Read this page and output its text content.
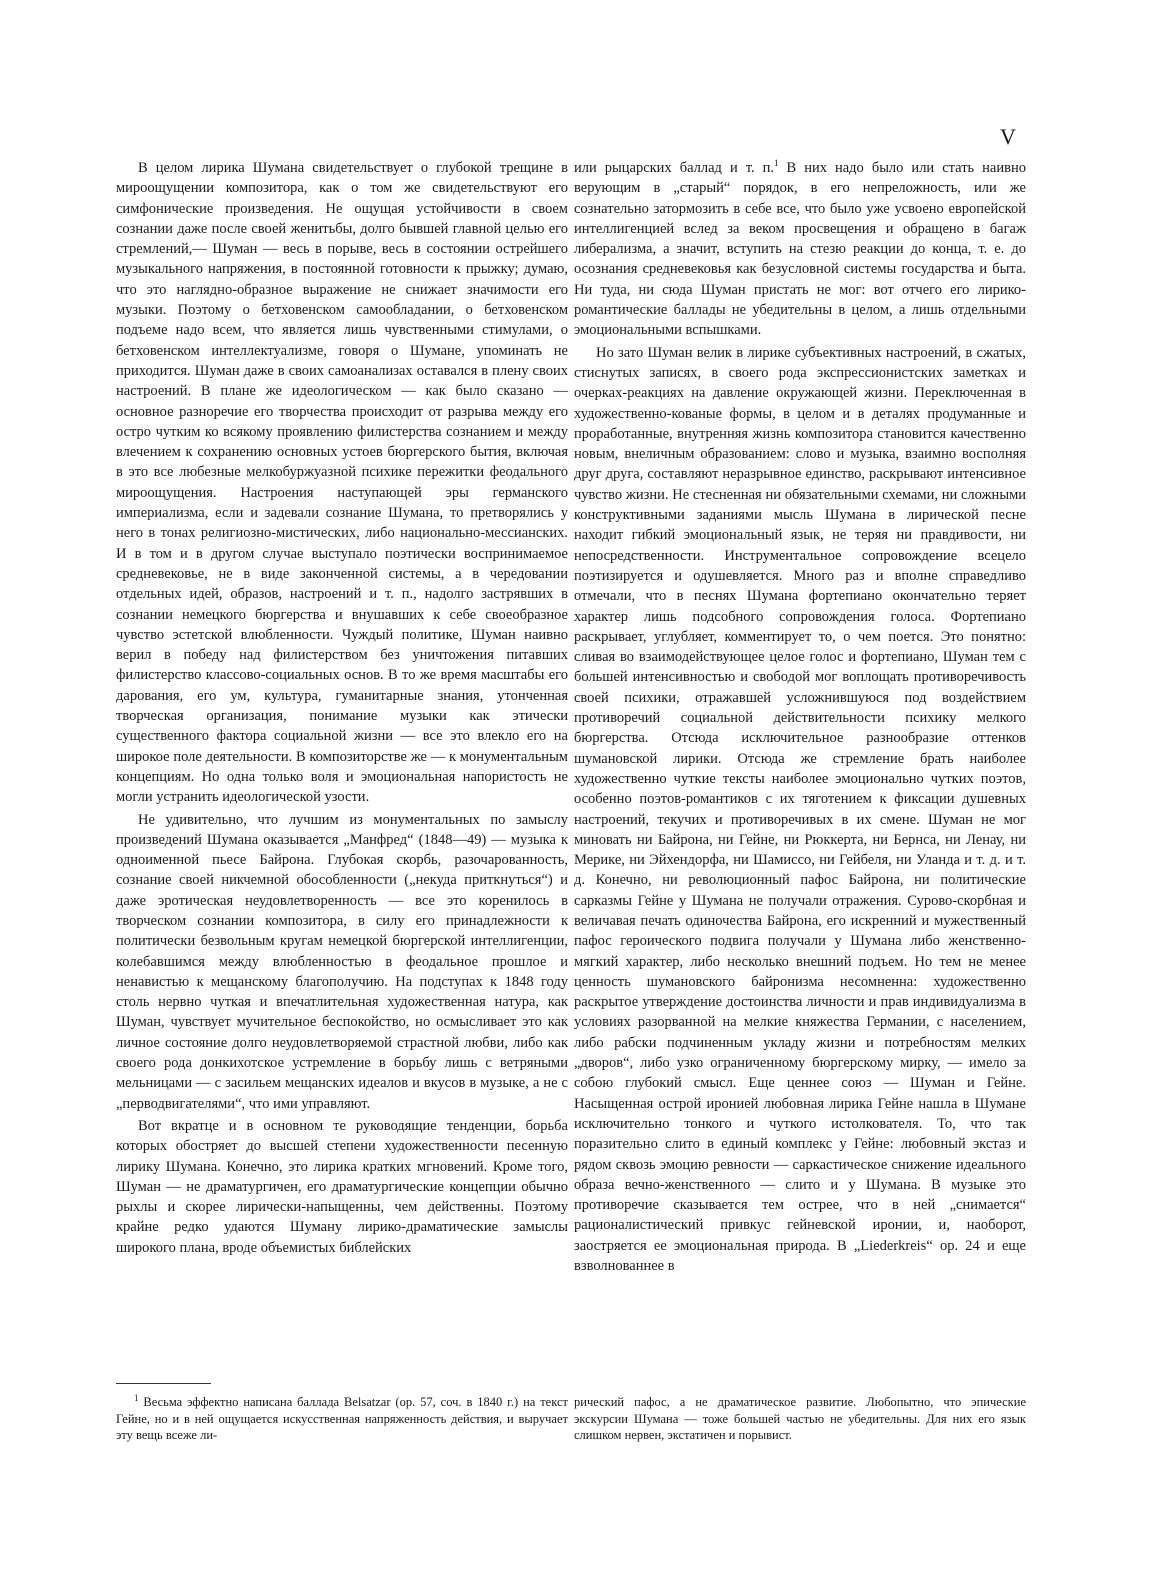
V

В целом лирика Шумана свидетельствует о глубокой трещине в мироощущении композитора, как о том же свидетельствуют его симфонические произведения. Не ощущая устойчивости в своем сознании даже после своей женитьбы, долго бывшей главной целью его стремлений,— Шуман — весь в порыве, весь в состоянии острейшего музыкального напряжения, в постоянной готовности к прыжку; думаю, что это наглядно-образное выражение не снижает значимости его музыки. Поэтому о бетховенском самообладании, о бетховенском подъеме надо всем, что является лишь чувственными стимулами, о бетховенском интеллектуализме, говоря о Шумане, упоминать не приходится. Шуман даже в своих самоанализах оставался в плену своих настроений. В плане же идеологическом — как было сказано — основное разноречие его творчества происходит от разрыва между его остро чутким ко всякому проявлению филистерства сознанием и между влечением к сохранению основных устоев бюргерского бытия, включая в это все любезные мелкобуржуазной психике пережитки феодального мироощущения. Настроения наступающей эры германского империализма, если и задевали сознание Шумана, то претворялись у него в тонах религиозно-мистических, либо национально-мессианских. И в том и в другом случае выступало поэтически воспринимаемое средневековье, не в виде законченной системы, а в чередовании отдельных идей, образов, настроений и т. п., надолго застрявших в сознании немецкого бюргерства и внушавших к себе своеобразное чувство эстетской влюбленности. Чуждый политике, Шуман наивно верил в победу над филистерством без уничтожения питавших филистерство классово-социальных основ. В то же время масштабы его дарования, его ум, культура, гуманитарные знания, утонченная творческая организация, понимание музыки как этически существенного фактора социальной жизни — все это влекло его на широкое поле деятельности. В композиторстве же — к монументальным концепциям. Но одна только воля и эмоциональная напористость не могли устранить идеологической узости.

Не удивительно, что лучшим из монументальных по замыслу произведений Шумана оказывается „Манфред“ (1848—49) — музыка к одноименной пьесе Байрона. Глубокая скорбь, разочарованность, сознание своей никчемной обособленности („некуда приткнуться“) и даже эротическая неудовлетворенность — все это коренилось в творческом сознании композитора, в силу его принадлежности к политически безвольным кругам немецкой бюргерской интеллигенции, колебавшимся между влюбленностью в феодальное прошлое и ненавистью к мещанскому благополучию. На подступах к 1848 году столь нервно чуткая и впечатлительная художественная натура, как Шуман, чувствует мучительное беспокойство, но осмысливает это как личное состояние долго неудовлетворяемой страстной любви, либо как своего рода донкихотское устремление в борьбу лишь с ветряными мельницами — с засильем мещанских идеалов и вкусов в музыке, а не с „перводвигателями“, что ими управляют.

Вот вкратце и в основном те руководящие тенденции, борьба которых обостряет до высшей степени художественности песенную лирику Шумана. Конечно, это лирика кратких мгновений. Кроме того, Шуман — не драматургичен, его драматургические концепции обычно рыхлы и скорее лирически-напыщенны, чем действенны. Поэтому крайне редко удаются Шуману лирико-драматические замыслы широкого плана, вроде объемистых библейских

или рыцарских баллад и т. п.$^1$ В них надо было или стать наивно верующим в „старый“ порядок, в его непреложность, или же сознательно затормозить в себе все, что было уже усвоено европейской интеллигенцией вслед за веком просвещения и обращено в багаж либерализма, а значит, вступить на стезю реакции до конца, т. е. до осознания средневековья как безусловной системы государства и быта. Ни туда, ни сюда Шуман пристать не мог: вот отчего его лирико-романтические баллады не убедительны в целом, а лишь отдельными эмоциональными вспышками.

Но зато Шуман велик в лирике субъективных настроений, в сжатых, стиснутых записях, в своего рода экспрессионистских заметках и очерках-реакциях на давление окружающей жизни. Переключенная в художественно-кованые формы, в целом и в деталях продуманные и проработанные, внутренняя жизнь композитора становится качественно новым, внеличным образованием: слово и музыка, взаимно восполняя друг друга, составляют неразрывное единство, раскрывают интенсивное чувство жизни. Не стесненная ни обязательными схемами, ни сложными конструктивными заданиями мысль Шумана в лирической песне находит гибкий эмоциональный язык, не теряя ни правдивости, ни непосредственности. Инструментальное сопровождение всецело поэтизируется и одушевляется. Много раз и вполне справедливо отмечали, что в песнях Шумана фортепиано окончательно теряет характер лишь подсобного сопровождения голоса. Фортепиано раскрывает, углубляет, комментирует то, о чем поется. Это понятно: сливая во взаимодействующее целое голос и фортепиано, Шуман тем с большей интенсивностью и свободой мог воплощать противоречивость своей психики, отражавшей усложнившуюся под воздействием противоречий социальной действительности психику мелкого бюргерства. Отсюда исключительное разнообразие оттенков шумановской лирики. Отсюда же стремление брать наиболее художественно чуткие тексты наиболее эмоционально чутких поэтов, особенно поэтов-романтиков с их тяготением к фиксации душевных настроений, текучих и противоречивых в их смене. Шуман не мог миновать ни Байрона, ни Гейне, ни Рюккерта, ни Бернса, ни Ленау, ни Мерике, ни Эйхендорфа, ни Шамиссо, ни Гейбеля, ни Уланда и т. д. и т. д. Конечно, ни революционный пафос Байрона, ни политические сарказмы Гейне у Шумана не получали отражения. Сурово-скорбная и величавая печать одиночества Байрона, его искренний и мужественный пафос героического подвига получали у Шумана либо женственно-мягкий характер, либо несколько внешний подъем. Но тем не менее ценность шумановского байронизма несомненна: художественно раскрытое утверждение достоинства личности и прав индивидуализма в условиях разорванной на мелкие княжества Германии, с населением, либо рабски подчиненным укладу жизни и потребностям мелких „дворов“, либо узко ограниченному бюргерскому мирку, — имело за собою глубокий смысл. Еще ценнее союз — Шуман и Гейне. Насыщенная острой иронией любовная лирика Гейне нашла в Шумане исключительно тонкого и чуткого истолкователя. То, что так поразительно слито в единый комплекс у Гейне: любовный экстаз и рядом сквозь эмоцию ревности — саркастическое снижение идеального образа вечно-женственного — слито и у Шумана. В музыке это противоречие сказывается тем острее, что в ней „снимается“ рационалистический привкус гейневской иронии, и, наоборот, заостряется ее эмоциональная природа. В „Liederkreis“ ор. 24 и еще взволнованнее в

$^1$ Весьма эффектно написана баллада Belsatzar (ор. 57, соч. в 1840 г.) на текст Гейне, но и в ней ощущается искусственная напряженность действия, и выручает эту вещь всеже ли-
рический пафос, а не драматическое развитие. Любопытно, что эпические экскурсии Шумана — тоже большей частью не убедительны. Для них его язык слишком нервен, экстатичен и порывист.
